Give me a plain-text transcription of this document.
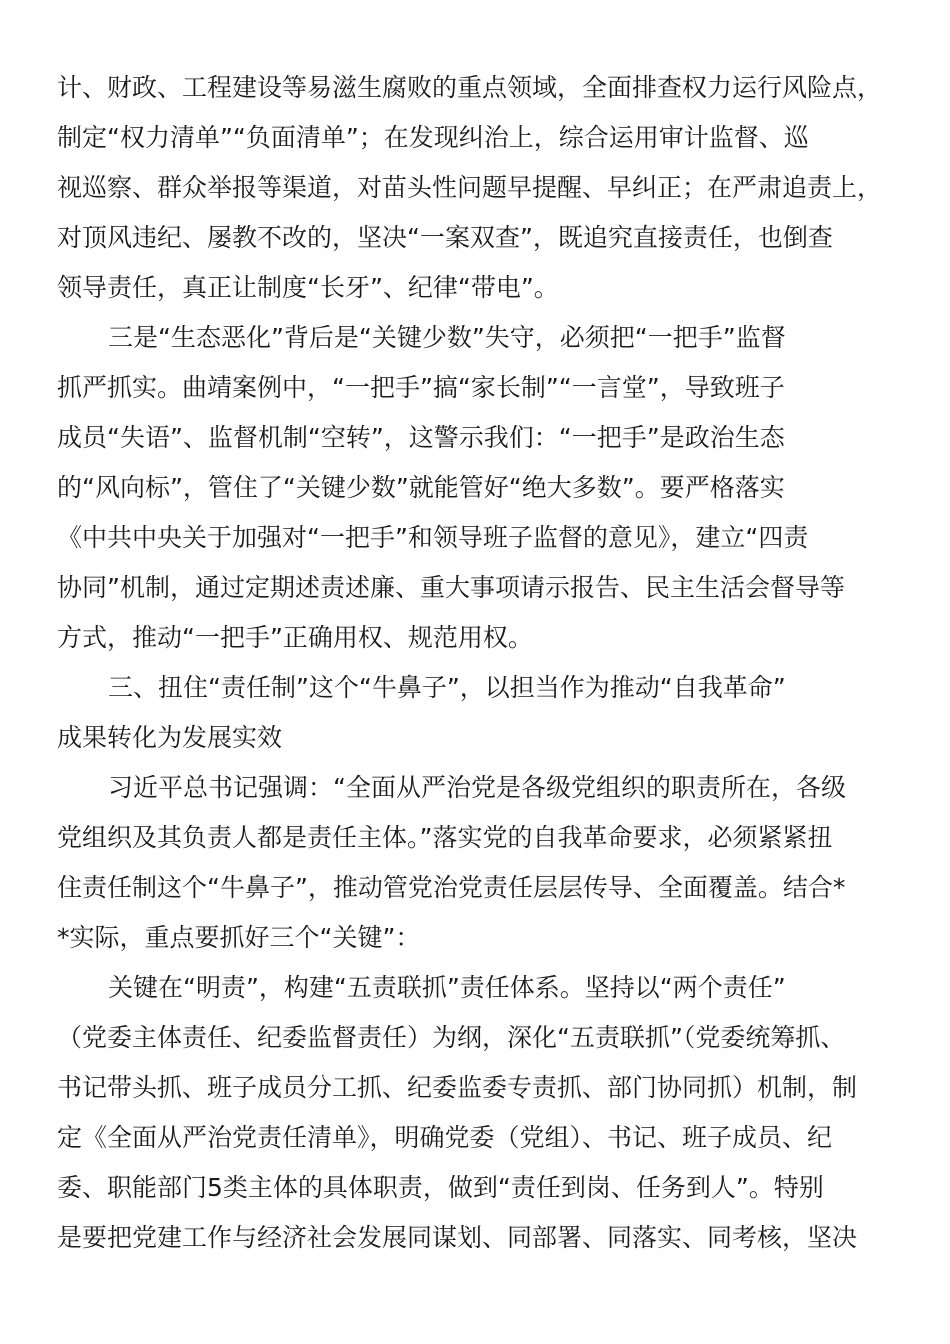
计、财政、工程建设等易滋生腐败的重点领域，全面排查权力运行风险点，
制定“权力清单”“负面清单”；在发现纠治上，综合运用审计监督、巡
视巡察、群众举报等渠道，对苗头性问题早提醒、早纠正；在严肃追责上，
对顶风违纪、屡教不改的，坚决“一案双查”，既追究直接责任，也倒查
领导责任，真正让制度“长牙”、纪律“带电”。
三是“生态恶化”背后是“关键少数”失守，必须把“一把手”监督
抓严抓实。曲靖案例中，“一把手”搞“家长制”“一言堂”，导致班子
成员“失语”、监督机制“空转”，这警示我们：“一把手”是政治生态
的“风向标”，管住了“关键少数”就能管好“绝大多数”。要严格落实
《中共中央关于加强对“一把手”和领导班子监督的意见》，建立“四责
协同”机制，通过定期述责述廉、重大事项请示报告、民主生活会督导等
方式，推动“一把手”正确用权、规范用权。
三、扭住“责任制”这个“牛鼻子”，以担当作为推动“自我革命”
成果转化为发展实效
习近平总书记强调：“全面从严治党是各级党组织的职责所在，各级
党组织及其负责人都是责任主体。”落实党的自我革命要求，必须紧紧扭
住责任制这个“牛鼻子”，推动管党治党责任层层传导、全面覆盖。结合*
*实际，重点要抓好三个“关键”：
关键在“明责”，构建“五责联抓”责任体系。坚持以“两个责任”
（党委主体责任、纪委监督责任）为纲，深化“五责联抓”（党委统筹抓、
书记带头抓、班子成员分工抓、纪委监委专责抓、部门协同抓）机制，制
定《全面从严治党责任清单》，明确党委（党组）、书记、班子成员、纪
委、职能部门5类主体的具体职责，做到“责任到岗、任务到人”。特别
是要把党建工作与经济社会发展同谋划、同部署、同落实、同考核，坚决
